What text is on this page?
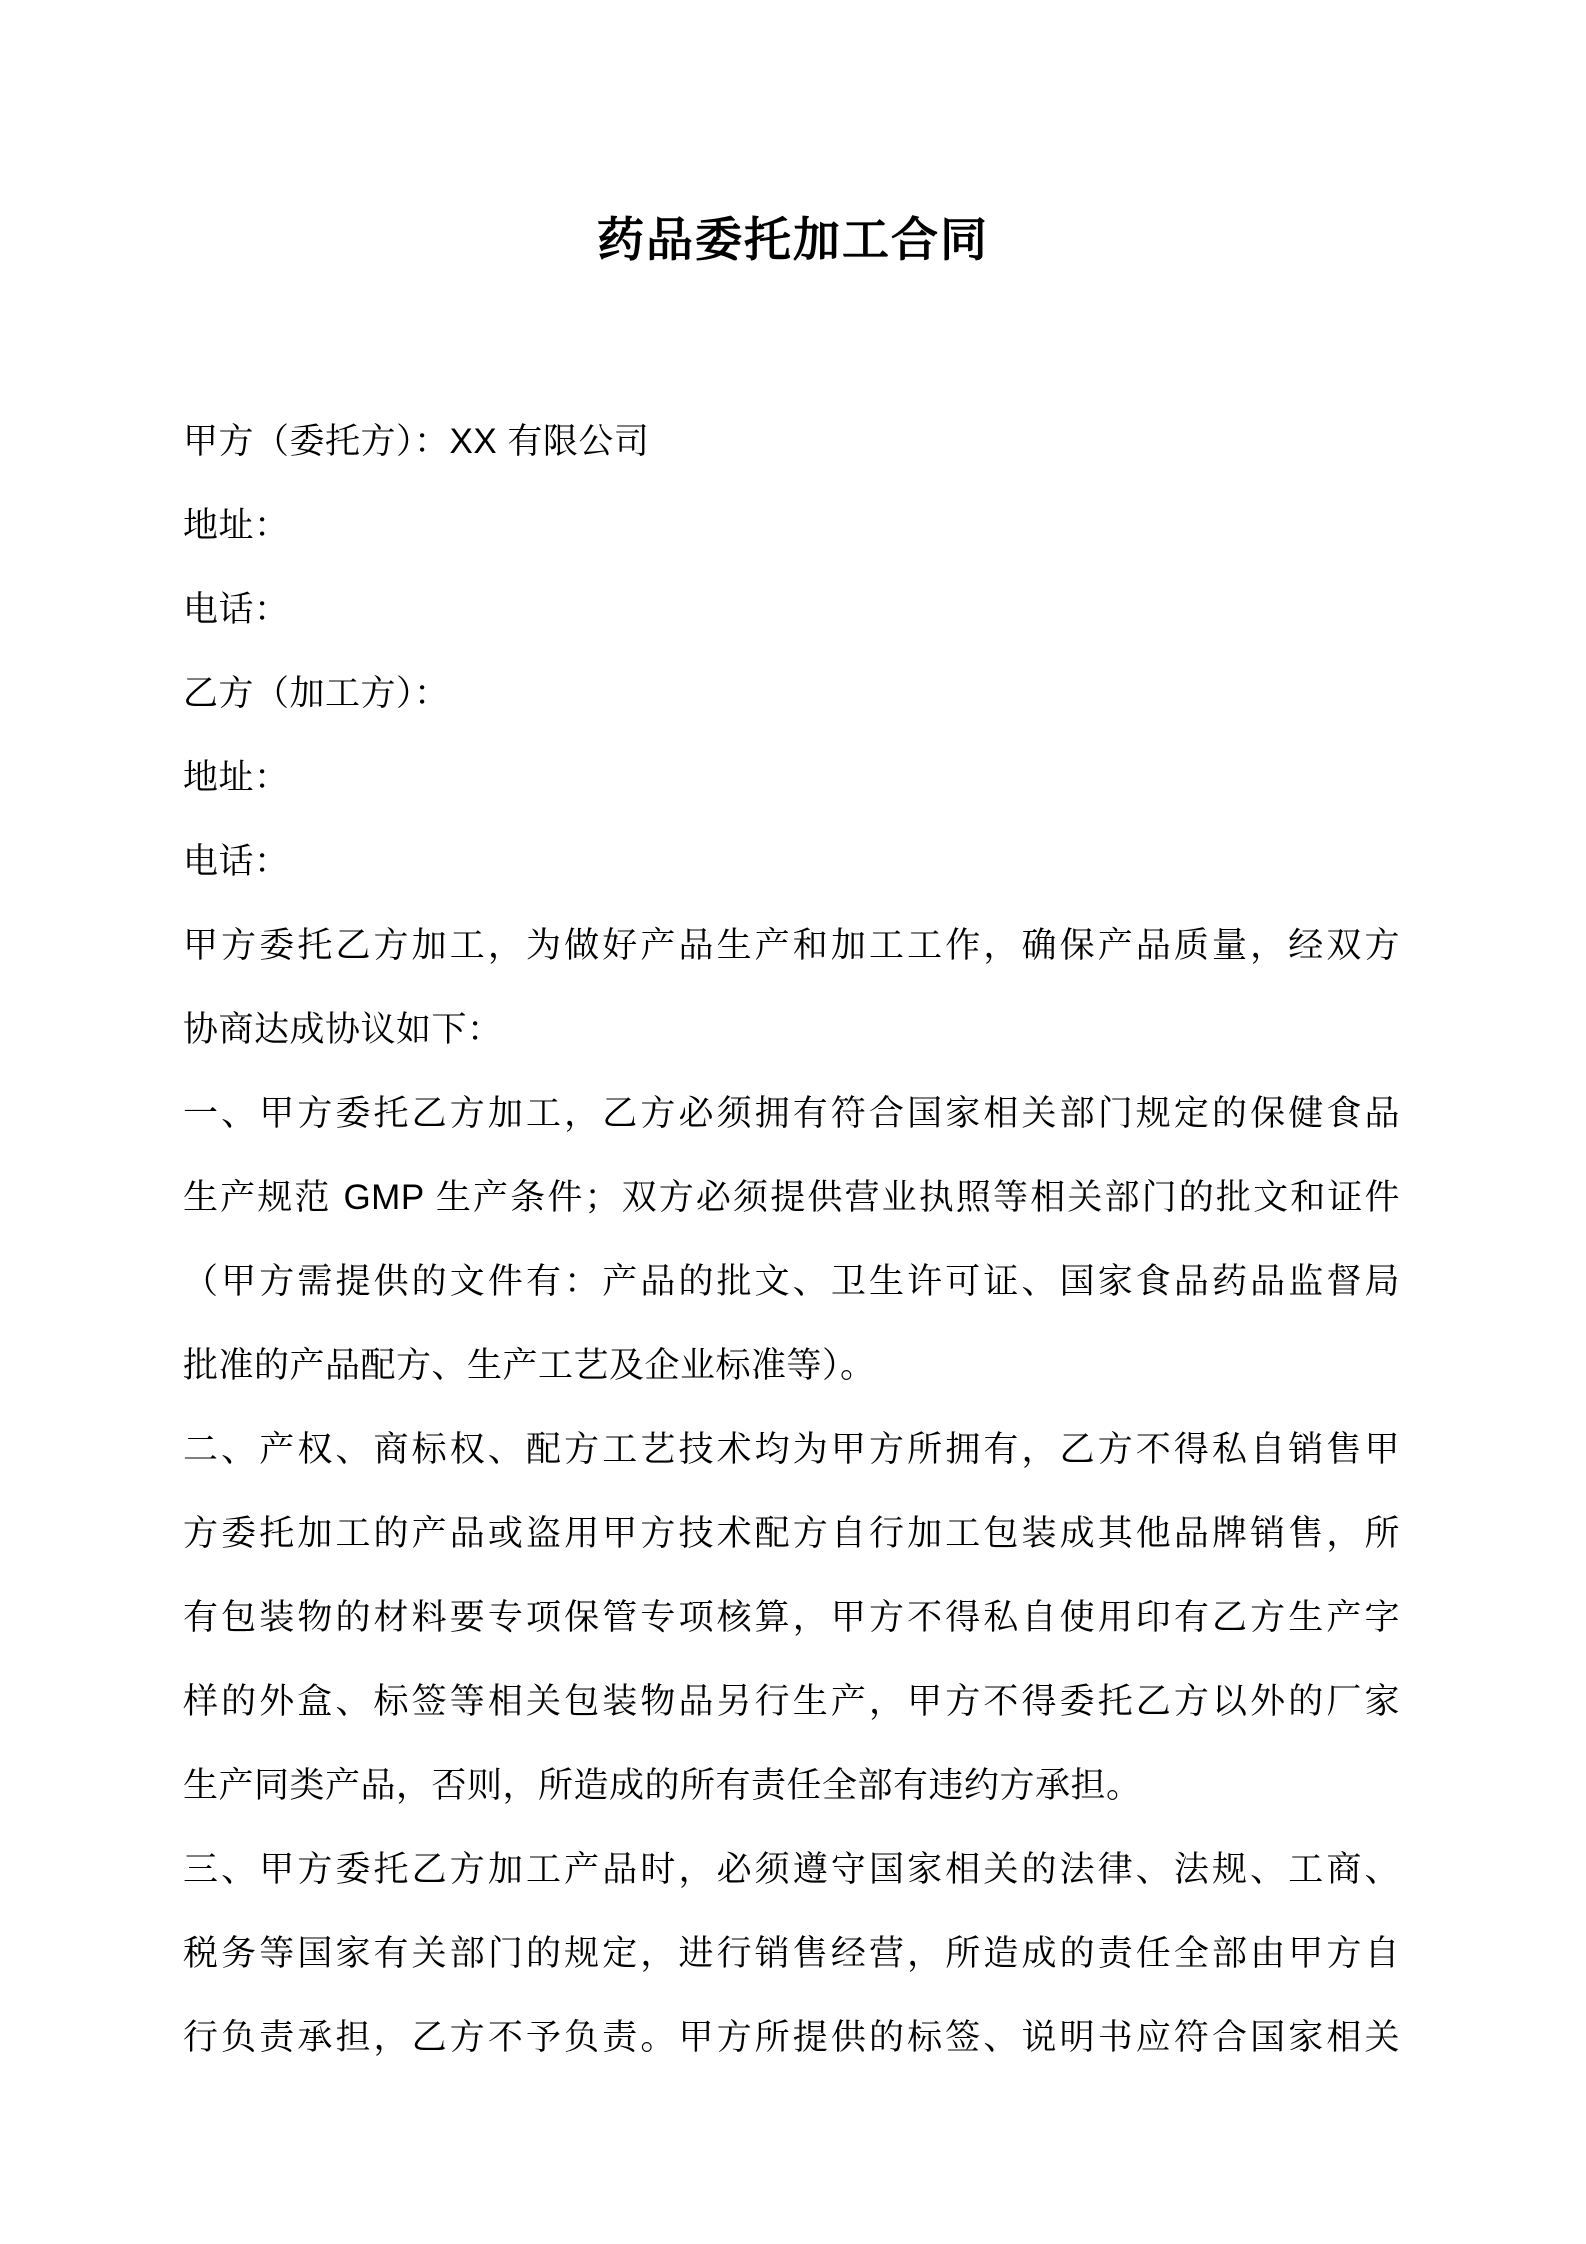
药品委托加工合同
甲方（委托方）：XX 有限公司
地址：
电话：
乙方（加工方）：
地址：
电话：
甲方委托乙方加工，为做好产品生产和加工工作，确保产品质量，经双方
协商达成协议如下：
一、甲方委托乙方加工，乙方必须拥有符合国家相关部门规定的保健食品
生产规范 GMP 生产条件；双方必须提供营业执照等相关部门的批文和证件
（甲方需提供的文件有：产品的批文、卫生许可证、国家食品药品监督局
批准的产品配方、生产工艺及企业标准等）。
二、产权、商标权、配方工艺技术均为甲方所拥有，乙方不得私自销售甲
方委托加工的产品或盗用甲方技术配方自行加工包装成其他品牌销售，所
有包装物的材料要专项保管专项核算，甲方不得私自使用印有乙方生产字
样的外盒、标签等相关包装物品另行生产，甲方不得委托乙方以外的厂家
生产同类产品，否则，所造成的所有责任全部有违约方承担。
三、甲方委托乙方加工产品时，必须遵守国家相关的法律、法规、工商、
税务等国家有关部门的规定，进行销售经营，所造成的责任全部由甲方自
行负责承担，乙方不予负责。甲方所提供的标签、说明书应符合国家相关
